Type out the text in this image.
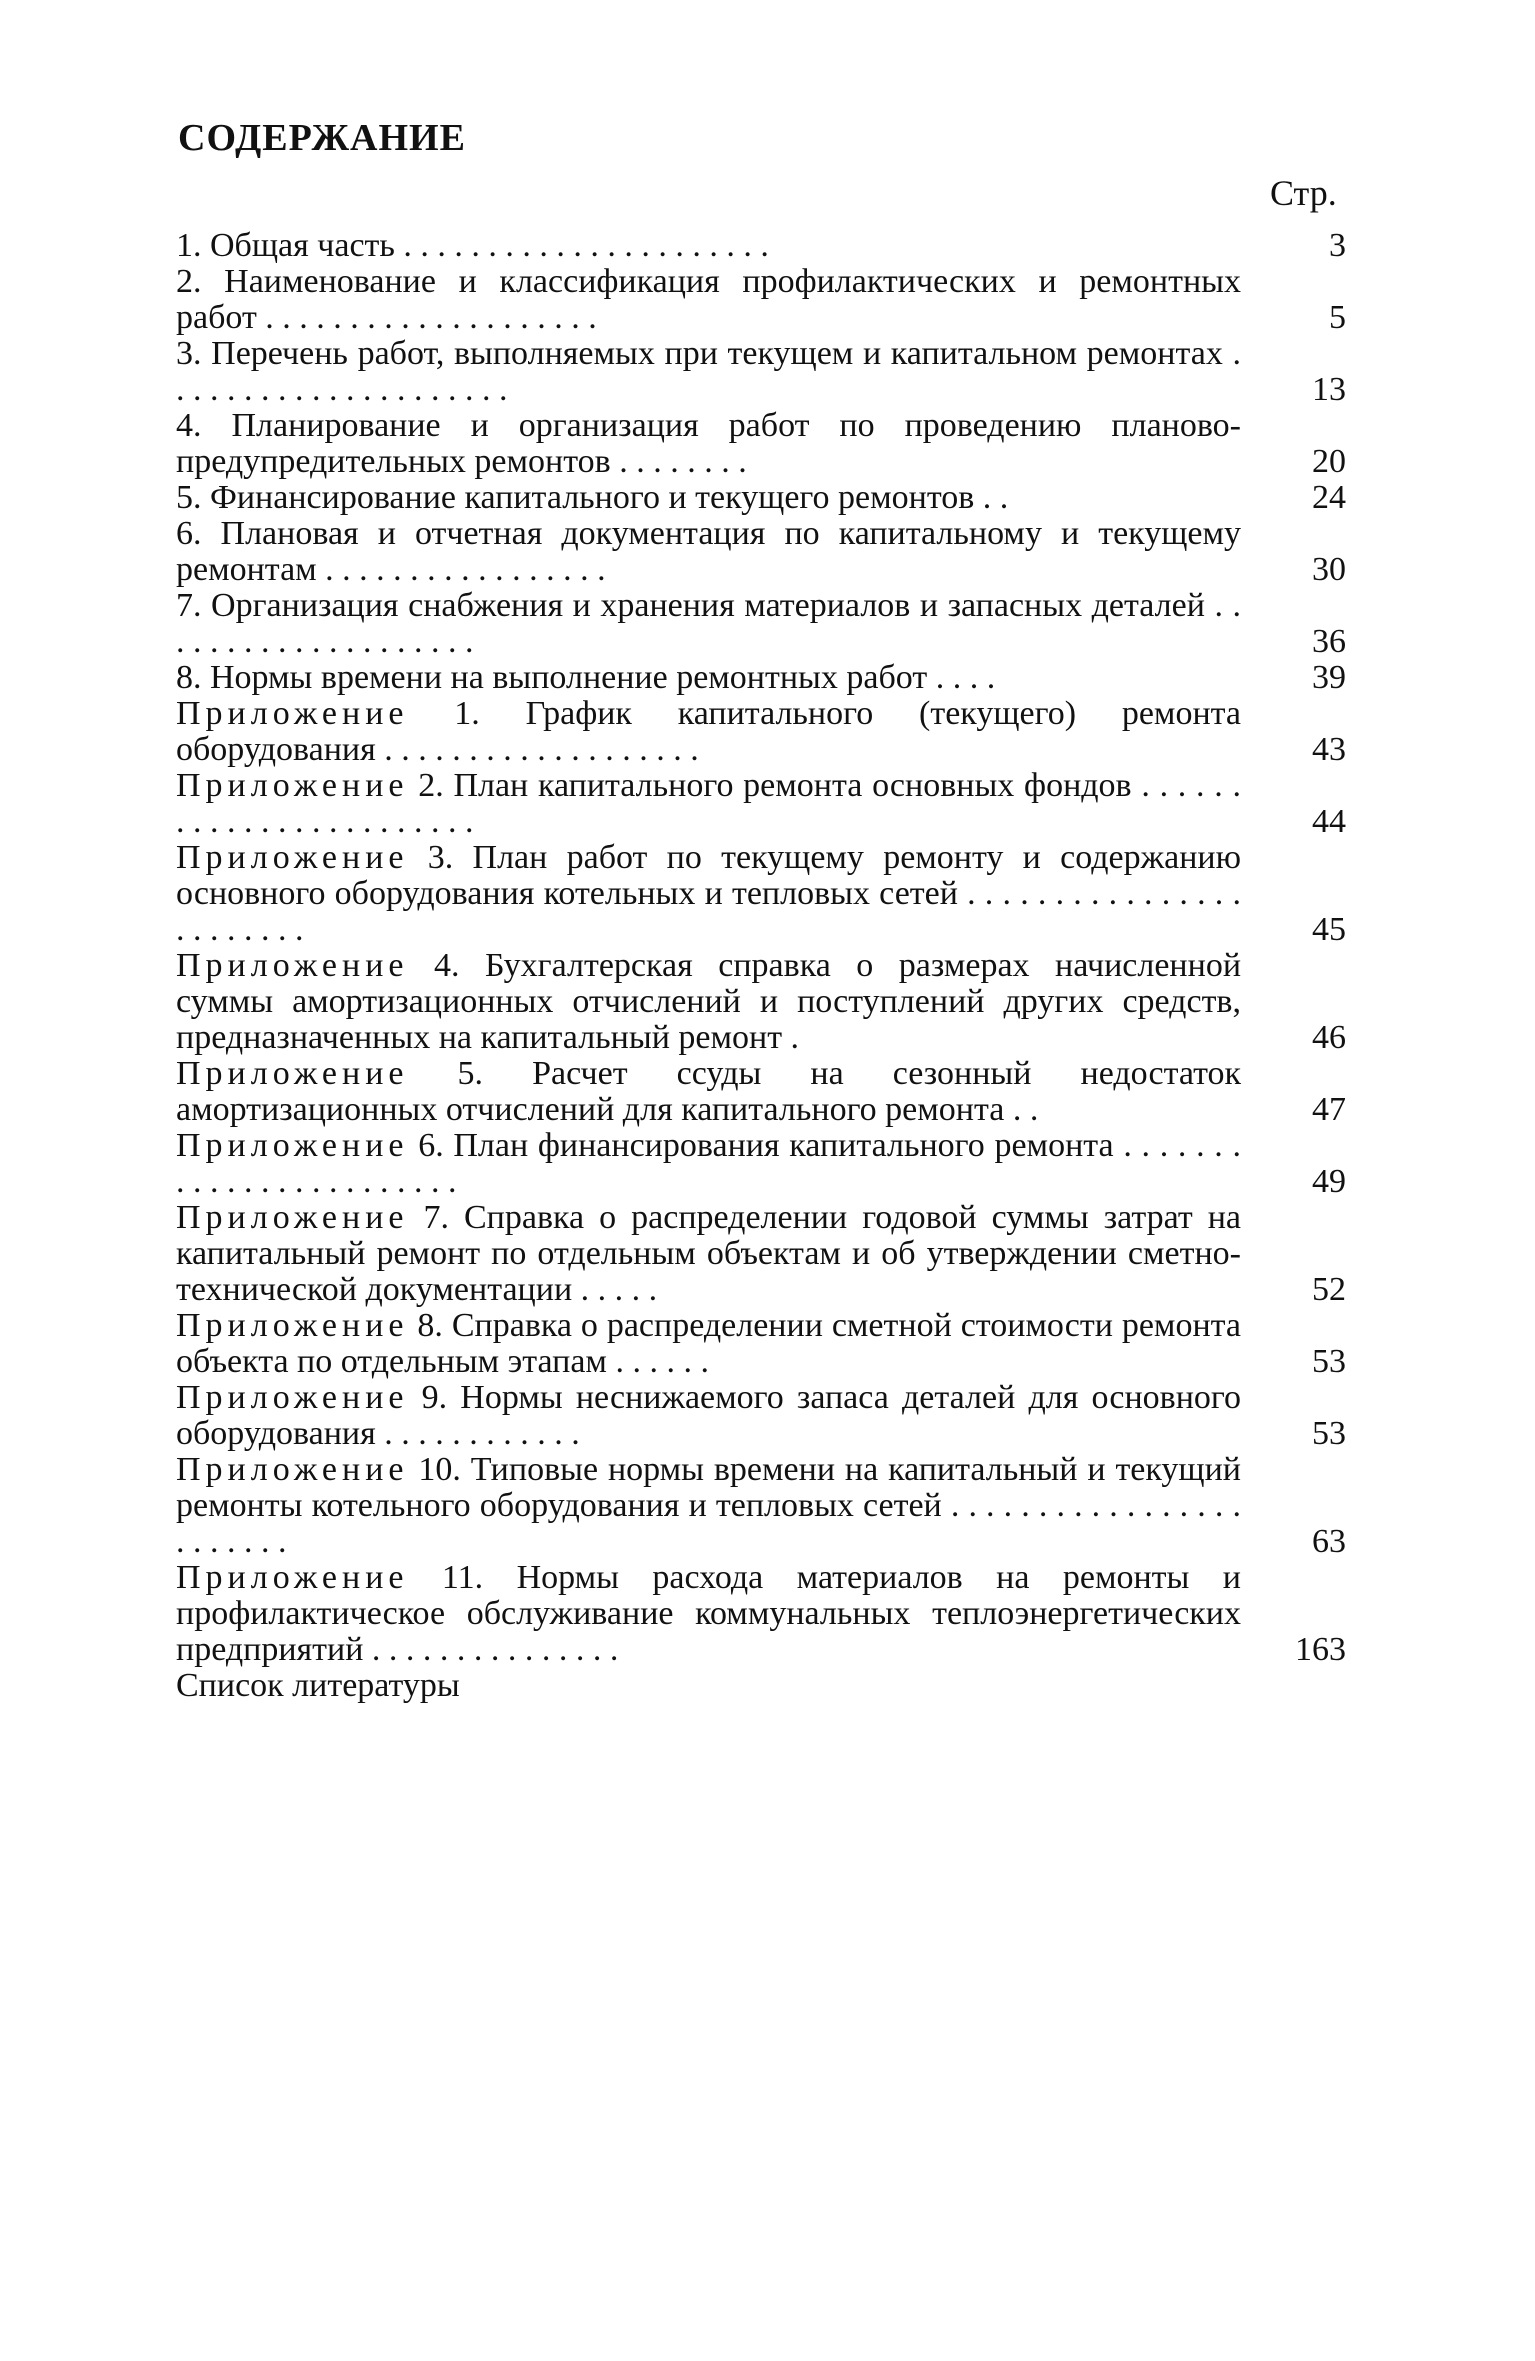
СОДЕРЖАНИЕ
Стр.
1. Общая часть . . . . . . . . . . . . . . . . . . . . . .	3
2. Наименование и классификация профилактических и ремонтных работ . . . . . . . . . . . . . . . . . . . .	5
3. Перечень работ, выполняемых при текущем и капитальном ремонтах . . . . . . . . . . . . . . . . . . . . .	13
4. Планирование и организация работ по проведению планово-предупредительных ремонтов . . . . . . . .	20
5. Финансирование капитального и текущего ремонтов . .	24
6. Плановая и отчетная документация по капитальному и текущему ремонтам . . . . . . . . . . . . . . . . .	30
7. Организация снабжения и хранения материалов и запасных деталей . . . . . . . . . . . . . . . . . . . .	36
8. Нормы времени на выполнение ремонтных работ . . . .	39
Приложение 1. График капитального (текущего) ремонта оборудования . . . . . . . . . . . . . . . . . . .	43
Приложение 2. План капитального ремонта основных фондов . . . . . . . . . . . . . . . . . . . . . . . .	44
Приложение 3. План работ по текущему ремонту и содержанию основного оборудования котельных и тепловых сетей . . . . . . . . . . . . . . . . . . . . . . . .	45
Приложение 4. Бухгалтерская справка о размерах начисленной суммы амортизационных отчислений и поступлений других средств, предназначенных на капитальный ремонт .	46
Приложение 5. Расчет ссуды на сезонный недостаток амортизационных отчислений для капитального ремонта . .	47
Приложение 6. План финансирования капитального ремонта . . . . . . . . . . . . . . . . . . . . . . . .	49
Приложение 7. Справка о распределении годовой суммы затрат на капитальный ремонт по отдельным объектам и об утверждении сметно-технической документации . . . . .	52
Приложение 8. Справка о распределении сметной стоимости ремонта объекта по отдельным этапам . . . . . .	53
Приложение 9. Нормы неснижаемого запаса деталей для основного оборудования . . . . . . . . . . . .	53
Приложение 10. Типовые нормы времени на капитальный и текущий ремонты котельного оборудования и тепловых сетей . . . . . . . . . . . . . . . . . . . . . . . .	63
Приложение 11. Нормы расхода материалов на ремонты и профилактическое обслуживание коммунальных теплоэнергетических предприятий . . . . . . . . . . . . . . .	163
Список литературы
